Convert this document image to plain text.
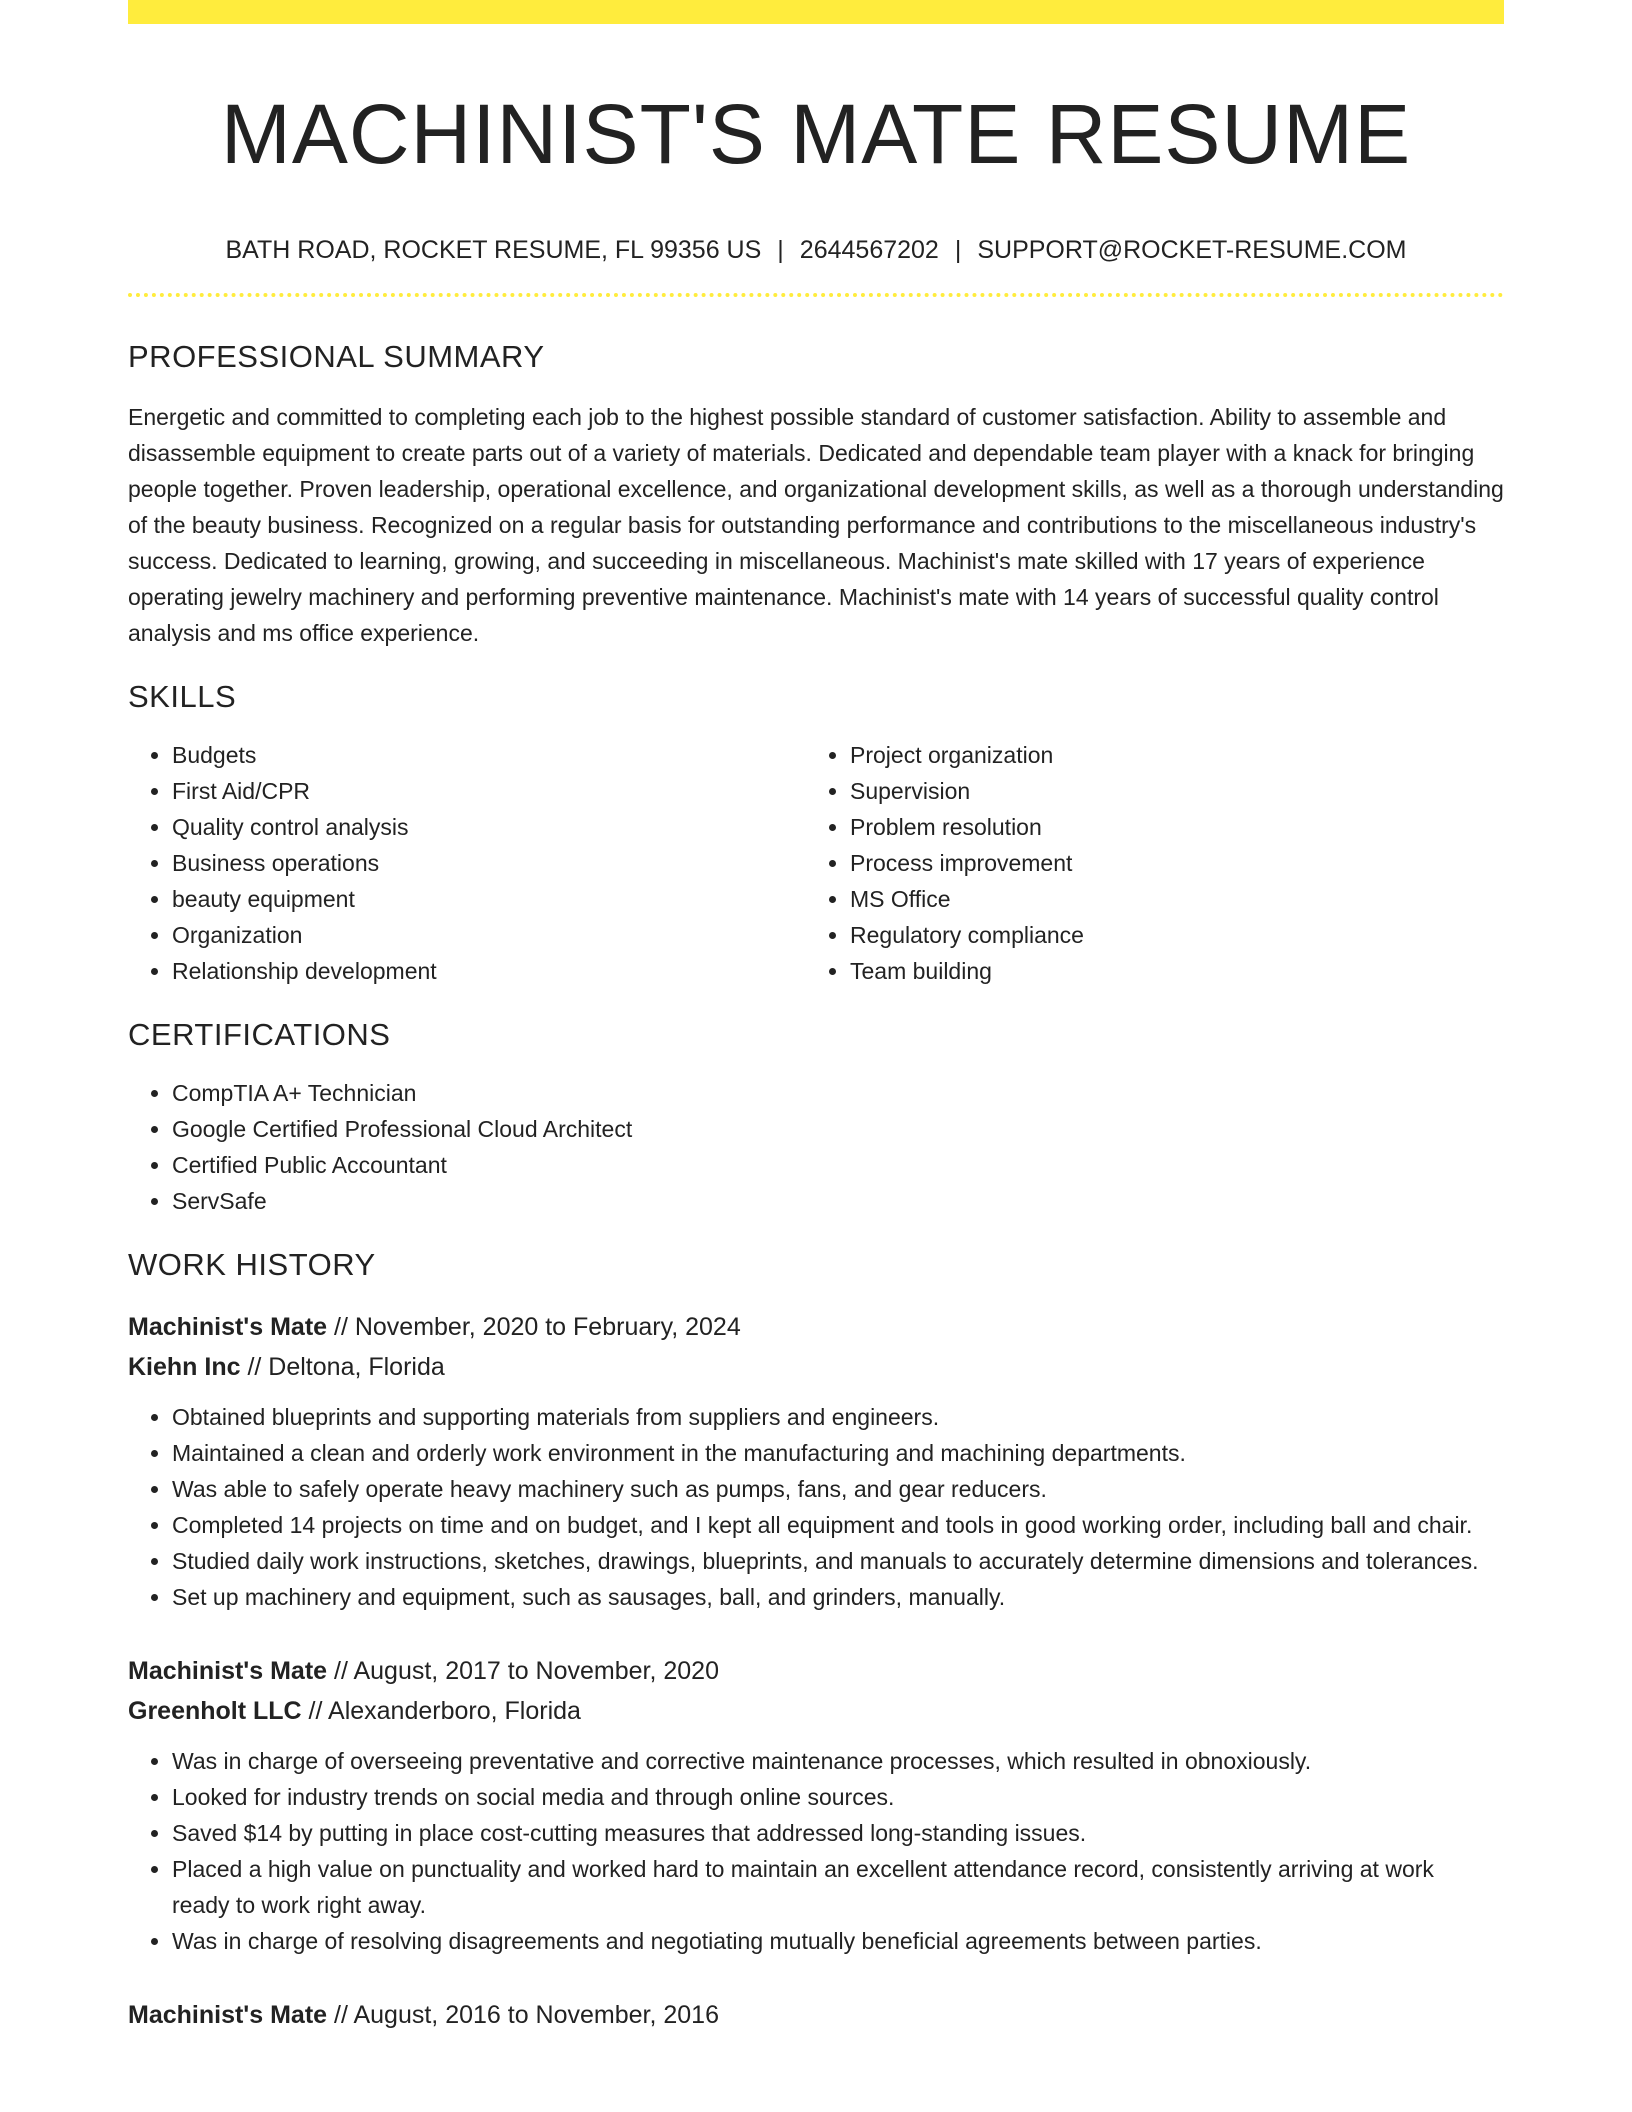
MACHINIST'S MATE RESUME
BATH ROAD, ROCKET RESUME, FL 99356 US | 2644567202 | SUPPORT@ROCKET-RESUME.COM
PROFESSIONAL SUMMARY

Energetic and committed to completing each job to the highest possible standard of customer satisfaction. Ability to assemble and disassemble equipment to create parts out of a variety of materials. Dedicated and dependable team player with a knack for bringing people together. Proven leadership, operational excellence, and organizational development skills, as well as a thorough understanding of the beauty business. Recognized on a regular basis for outstanding performance and contributions to the miscellaneous industry's success. Dedicated to learning, growing, and succeeding in miscellaneous. Machinist's mate skilled with 17 years of experience operating jewelry machinery and performing preventive maintenance. Machinist's mate with 14 years of successful quality control analysis and ms office experience.

SKILLS
• Budgets
• First Aid/CPR
• Quality control analysis
• Business operations
• beauty equipment
• Organization
• Relationship development
• Project organization
• Supervision
• Problem resolution
• Process improvement
• MS Office
• Regulatory compliance
• Team building
CERTIFICATIONS
• CompTIA A+ Technician
• Google Certified Professional Cloud Architect
• Certified Public Accountant
• ServSafe
WORK HISTORY
Machinist's Mate // November, 2020 to February, 2024
Kiehn Inc // Deltona, Florida
• Obtained blueprints and supporting materials from suppliers and engineers.
• Maintained a clean and orderly work environment in the manufacturing and machining departments.
• Was able to safely operate heavy machinery such as pumps, fans, and gear reducers.
• Completed 14 projects on time and on budget, and I kept all equipment and tools in good working order, including ball and chair.
• Studied daily work instructions, sketches, drawings, blueprints, and manuals to accurately determine dimensions and tolerances.
• Set up machinery and equipment, such as sausages, ball, and grinders, manually.
Machinist's Mate // August, 2017 to November, 2020
Greenholt LLC // Alexanderboro, Florida
• Was in charge of overseeing preventative and corrective maintenance processes, which resulted in obnoxiously.
• Looked for industry trends on social media and through online sources.
• Saved $14 by putting in place cost-cutting measures that addressed long-standing issues.
• Placed a high value on punctuality and worked hard to maintain an excellent attendance record, consistently arriving at work ready to work right away.
• Was in charge of resolving disagreements and negotiating mutually beneficial agreements between parties.
Machinist's Mate // August, 2016 to November, 2016
